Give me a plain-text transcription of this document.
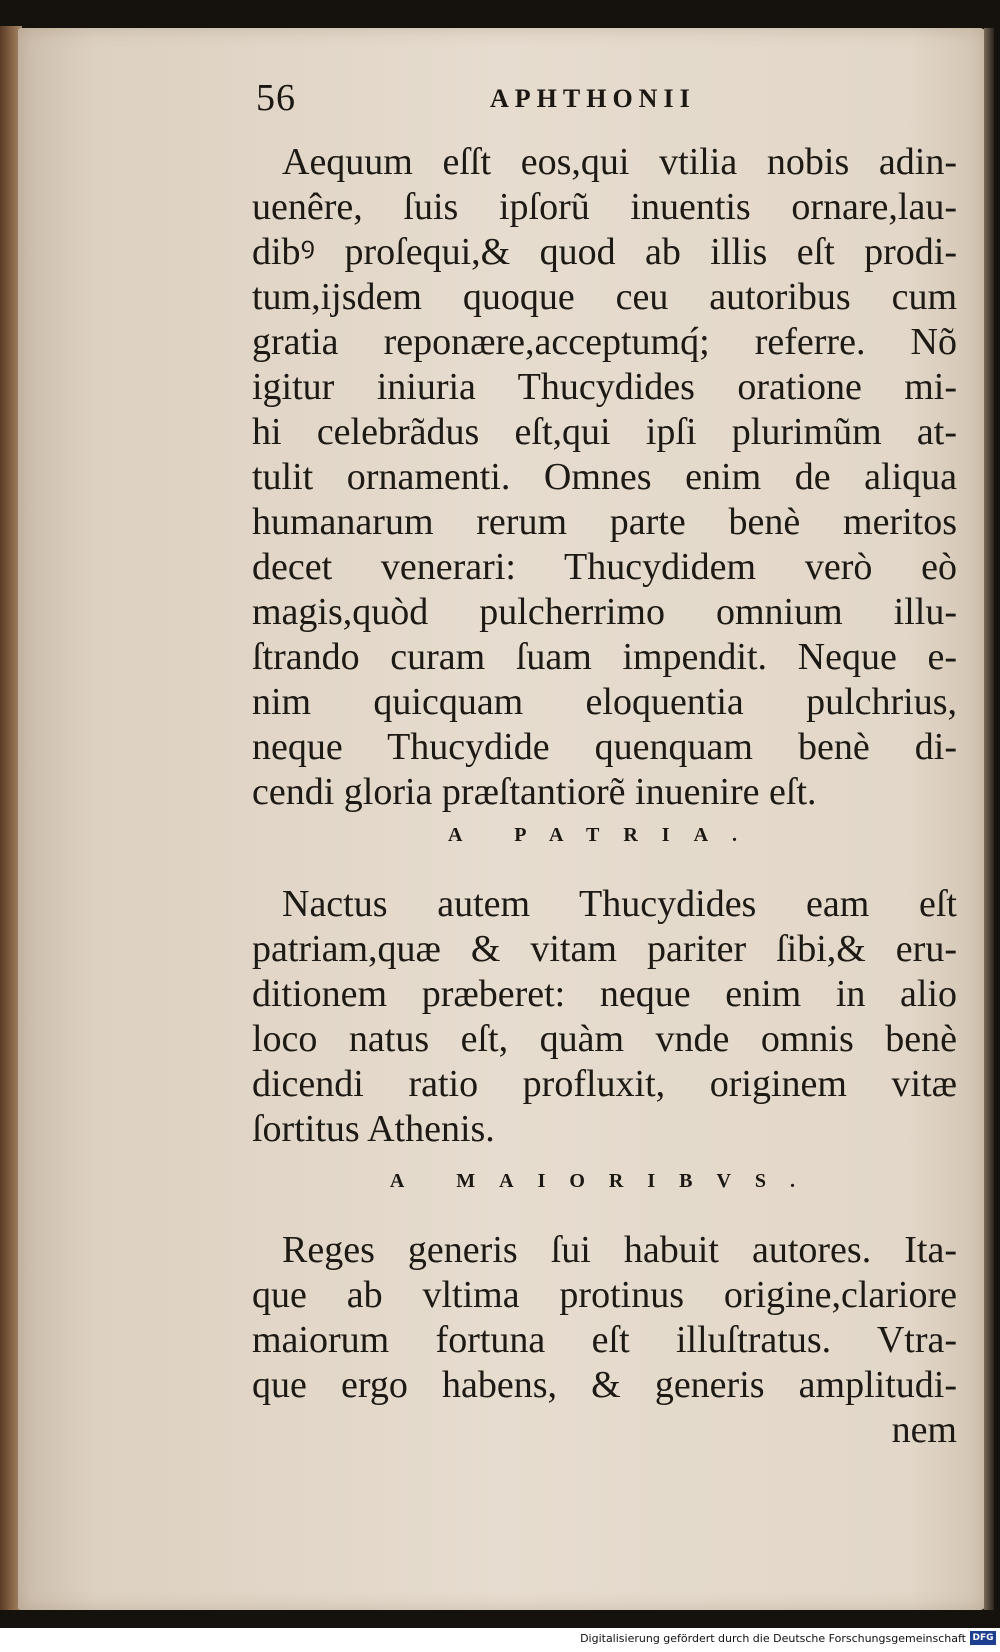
56	APHTHONII
Aequum eſſt eos,qui vtilia nobis adin-
uenêre, ſuis ipſorũ inuentis ornare,lau-
dibꝰ proſequi,& quod ab illis eſt prodi-
tum,ijsdem quoque ceu autoribus cum
gratia reponære,acceptumq́; referre. Nõ
igitur iniuria Thucydides oratione mi-
hi celebrãdus eſt,qui ipſi plurimũm at-
tulit ornamenti. Omnes enim de aliqua
humanarum rerum parte benè meritos
decet venerari: Thucydidem verò eò
magis,quòd pulcherrimo omnium illu-
ſtrando curam ſuam impendit. Neque e-
nim quicquam eloquentia pulchrius,
neque Thucydide quenquam benè di-
cendi gloria præſtantiorẽ inuenire eſt.
A PATRIA.
Nactus autem Thucydides eam eſt
patriam,quæ & vitam pariter ſibi,& eru-
ditionem præberet: neque enim in alio
loco natus eſt, quàm vnde omnis benè
dicendi ratio profluxit, originem vitæ
ſortitus Athenis.
A MAIORIBVS.
Reges generis ſui habuit autores. Ita-
que ab vltima protinus origine,clariore
maiorum fortuna eſt illuſtratus. Vtra-
que ergo habens, & generis amplitudi-
nem
Digitalisierung gefördert durch die Deutsche Forschungsgemeinschaft DFG
